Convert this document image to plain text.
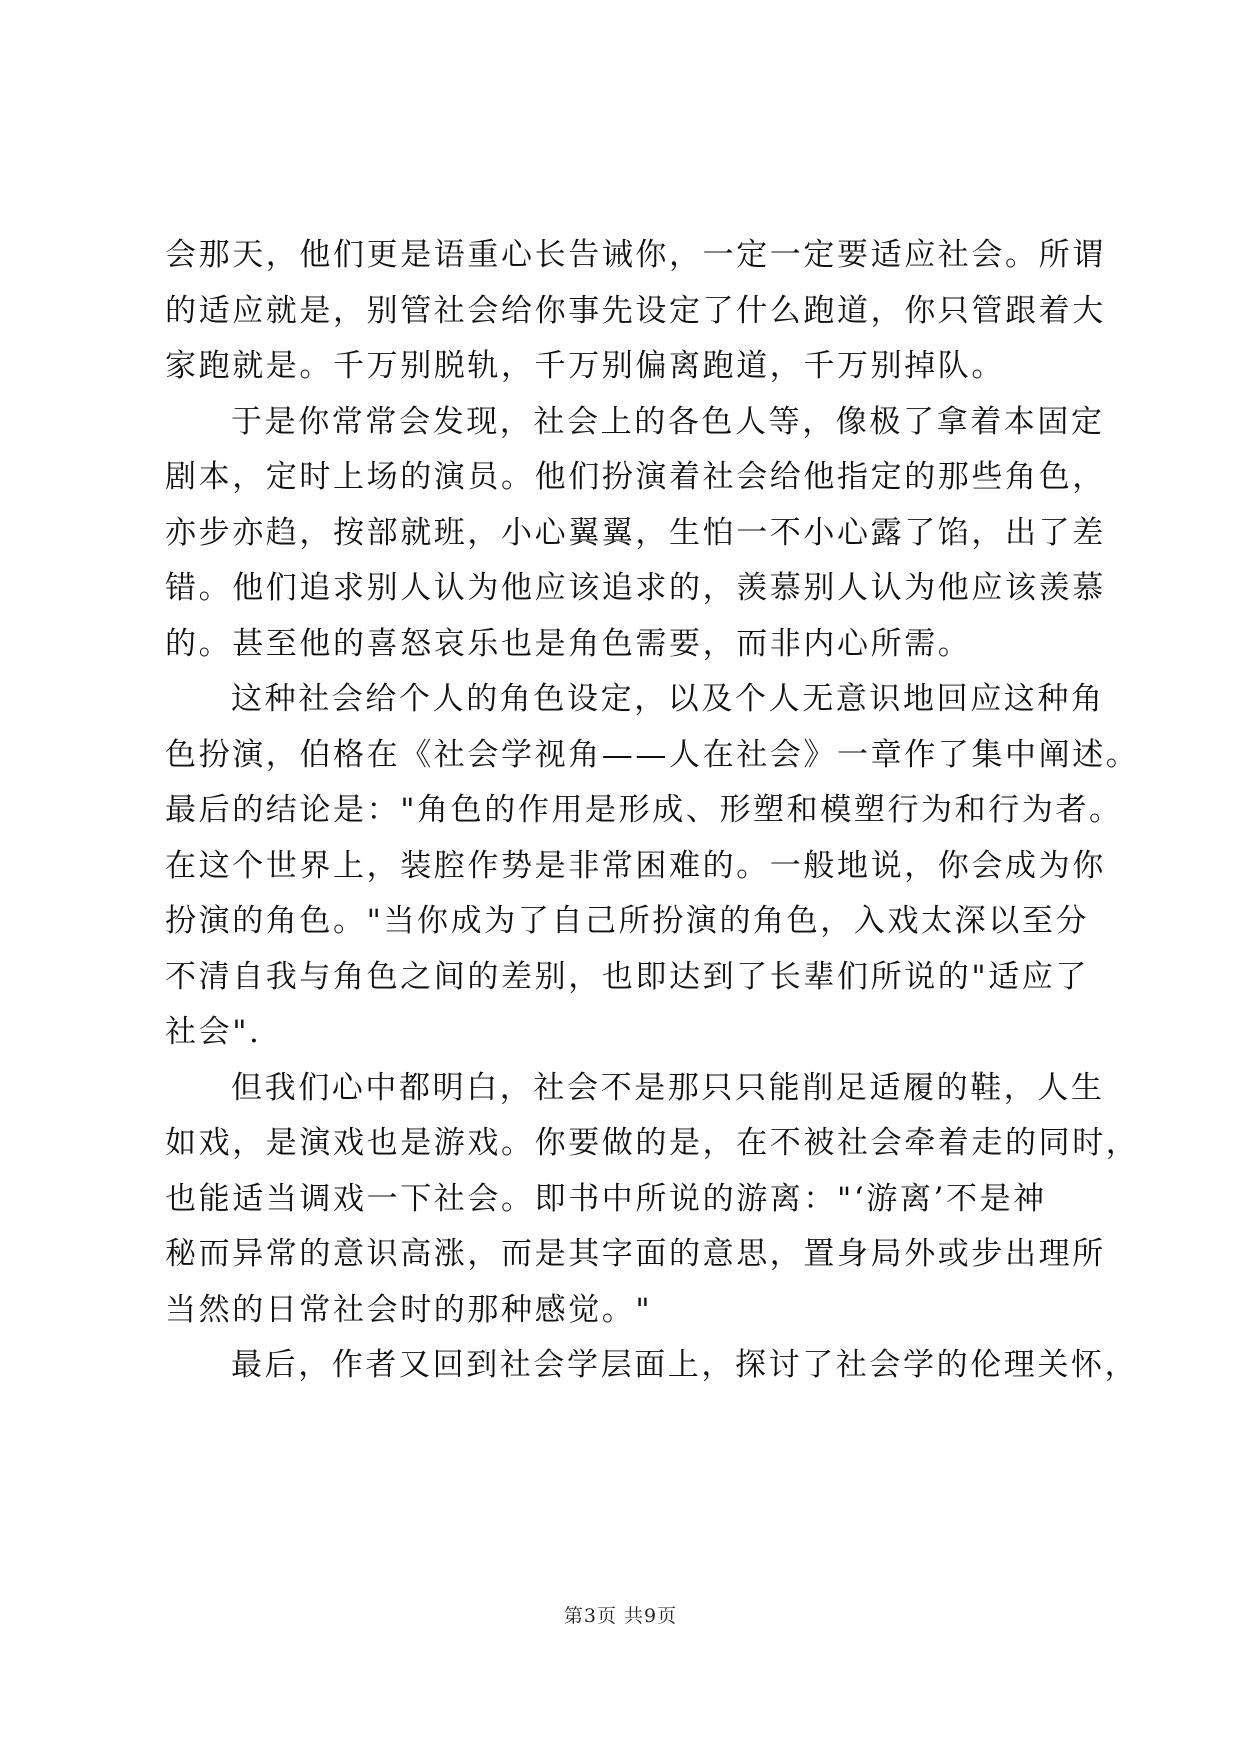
会那天，他们更是语重心长告诫你，一定一定要适应社会。所谓
的适应就是，别管社会给你事先设定了什么跑道，你只管跟着大
家跑就是。千万别脱轨，千万别偏离跑道，千万别掉队。
于是你常常会发现，社会上的各色人等，像极了拿着本固定
剧本，定时上场的演员。他们扮演着社会给他指定的那些角色，
亦步亦趋，按部就班，小心翼翼，生怕一不小心露了馅，出了差
错。他们追求别人认为他应该追求的，羡慕别人认为他应该羡慕
的。甚至他的喜怒哀乐也是角色需要，而非内心所需。
这种社会给个人的角色设定，以及个人无意识地回应这种角
色扮演，伯格在《社会学视角——人在社会》一章作了集中阐述。
最后的结论是："角色的作用是形成、形塑和模塑行为和行为者。
在这个世界上，装腔作势是非常困难的。一般地说，你会成为你
扮演的角色。"当你成为了自己所扮演的角色，入戏太深以至分
不清自我与角色之间的差别，也即达到了长辈们所说的"适应了
社会".
但我们心中都明白，社会不是那只只能削足适履的鞋，人生
如戏，是演戏也是游戏。你要做的是，在不被社会牵着走的同时，
也能适当调戏一下社会。即书中所说的游离："‘游离’不是神
秘而异常的意识高涨，而是其字面的意思，置身局外或步出理所
当然的日常社会时的那种感觉。"
最后，作者又回到社会学层面上，探讨了社会学的伦理关怀，
第3页 共9页
